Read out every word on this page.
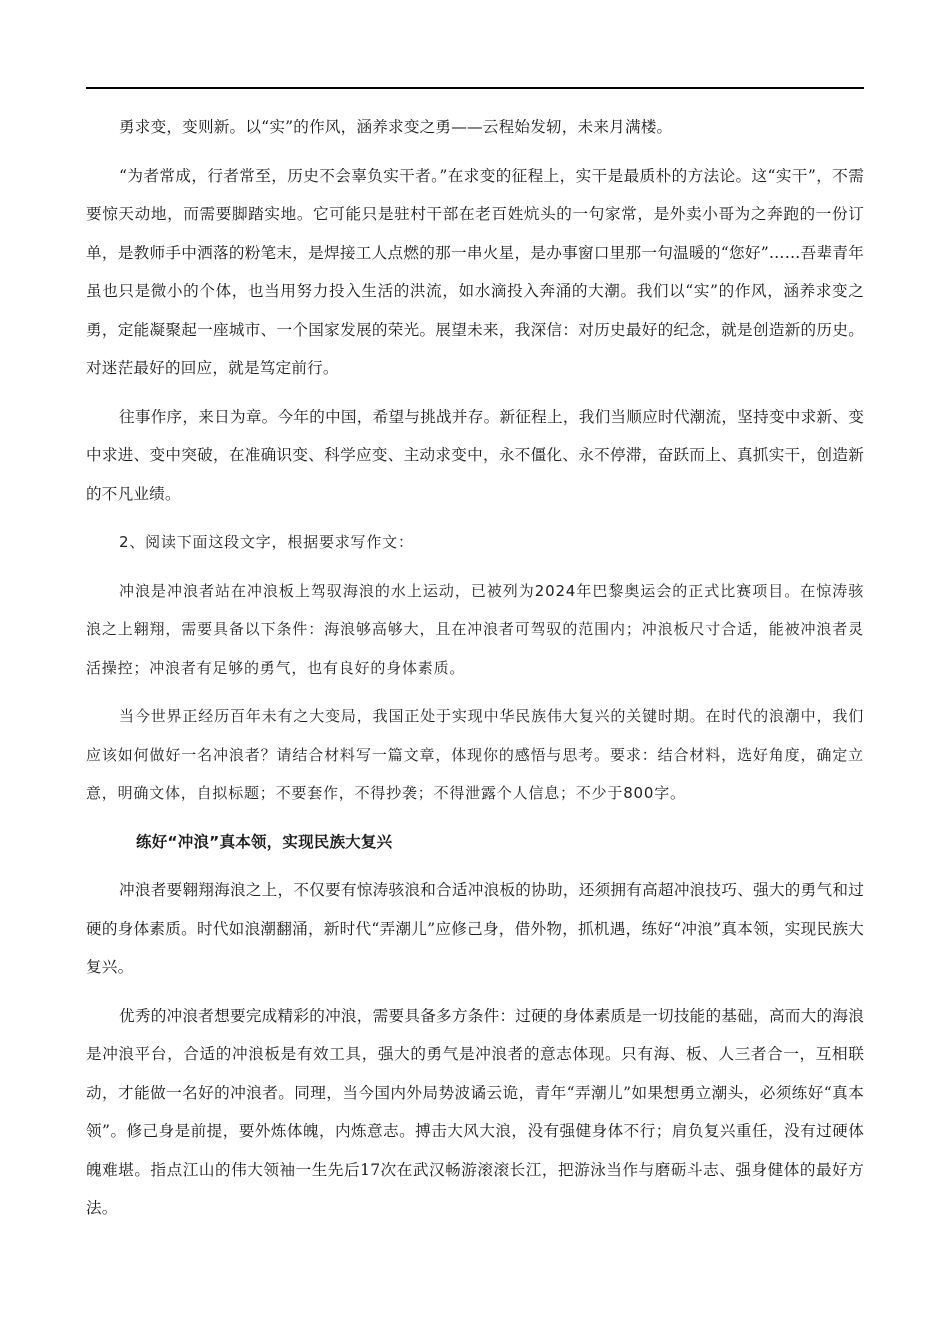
勇求变，变则新。以“实”的作风，涵养求变之勇——云程始发轫，未来月满楼。

“为者常成，行者常至，历史不会辜负实干者。”在求变的征程上，实干是最质朴的方法论。这“实干”，不需要惊天动地，而需要脚踏实地。它可能只是驻村干部在老百姓炕头的一句家常，是外卖小哥为之奔跑的一份订单，是教师手中洒落的粉笔末，是焊接工人点燃的那一串火星，是办事窗口里那一句温暖的“您好”……吾辈青年虽也只是微小的个体，也当用努力投入生活的洪流，如水滴投入奔涌的大潮。我们以“实”的作风，涵养求变之勇，定能凝聚起一座城市、一个国家发展的荣光。展望未来，我深信：对历史最好的纪念，就是创造新的历史。对迷茫最好的回应，就是笃定前行。

往事作序，来日为章。今年的中国，希望与挑战并存。新征程上，我们当顺应时代潮流，坚持变中求新、变中求进、变中突破，在准确识变、科学应变、主动求变中，永不僵化、永不停滞，奋跃而上、真抓实干，创造新的不凡业绩。

2、阅读下面这段文字，根据要求写作文：

冲浪是冲浪者站在冲浪板上驾驭海浪的水上运动，已被列为2024年巴黎奥运会的正式比赛项目。在惊涛骇浪之上翱翔，需要具备以下条件：海浪够高够大，且在冲浪者可驾驭的范围内；冲浪板尺寸合适，能被冲浪者灵活操控；冲浪者有足够的勇气，也有良好的身体素质。

当今世界正经历百年未有之大变局，我国正处于实现中华民族伟大复兴的关键时期。在时代的浪潮中，我们应该如何做好一名冲浪者？请结合材料写一篇文章，体现你的感悟与思考。要求：结合材料，选好角度，确定立意，明确文体，自拟标题；不要套作，不得抄袭；不得泄露个人信息；不少于800字。

练好“冲浪”真本领，实现民族大复兴

冲浪者要翱翔海浪之上，不仅要有惊涛骇浪和合适冲浪板的协助，还须拥有高超冲浪技巧、强大的勇气和过硬的身体素质。时代如浪潮翻涌，新时代“弄潮儿”应修己身，借外物，抓机遇，练好“冲浪”真本领，实现民族大复兴。

优秀的冲浪者想要完成精彩的冲浪，需要具备多方条件：过硬的身体素质是一切技能的基础，高而大的海浪是冲浪平台，合适的冲浪板是有效工具，强大的勇气是冲浪者的意志体现。只有海、板、人三者合一，互相联动，才能做一名好的冲浪者。同理，当今国内外局势波谲云诡，青年“弄潮儿”如果想勇立潮头，必须练好“真本领”。修己身是前提，要外炼体魄，内炼意志。搏击大风大浪，没有强健身体不行；肩负复兴重任，没有过硬体魄难堪。指点江山的伟大领袖一生先后17次在武汉畅游滚滚长江，把游泳当作与磨砺斗志、强身健体的最好方法。
